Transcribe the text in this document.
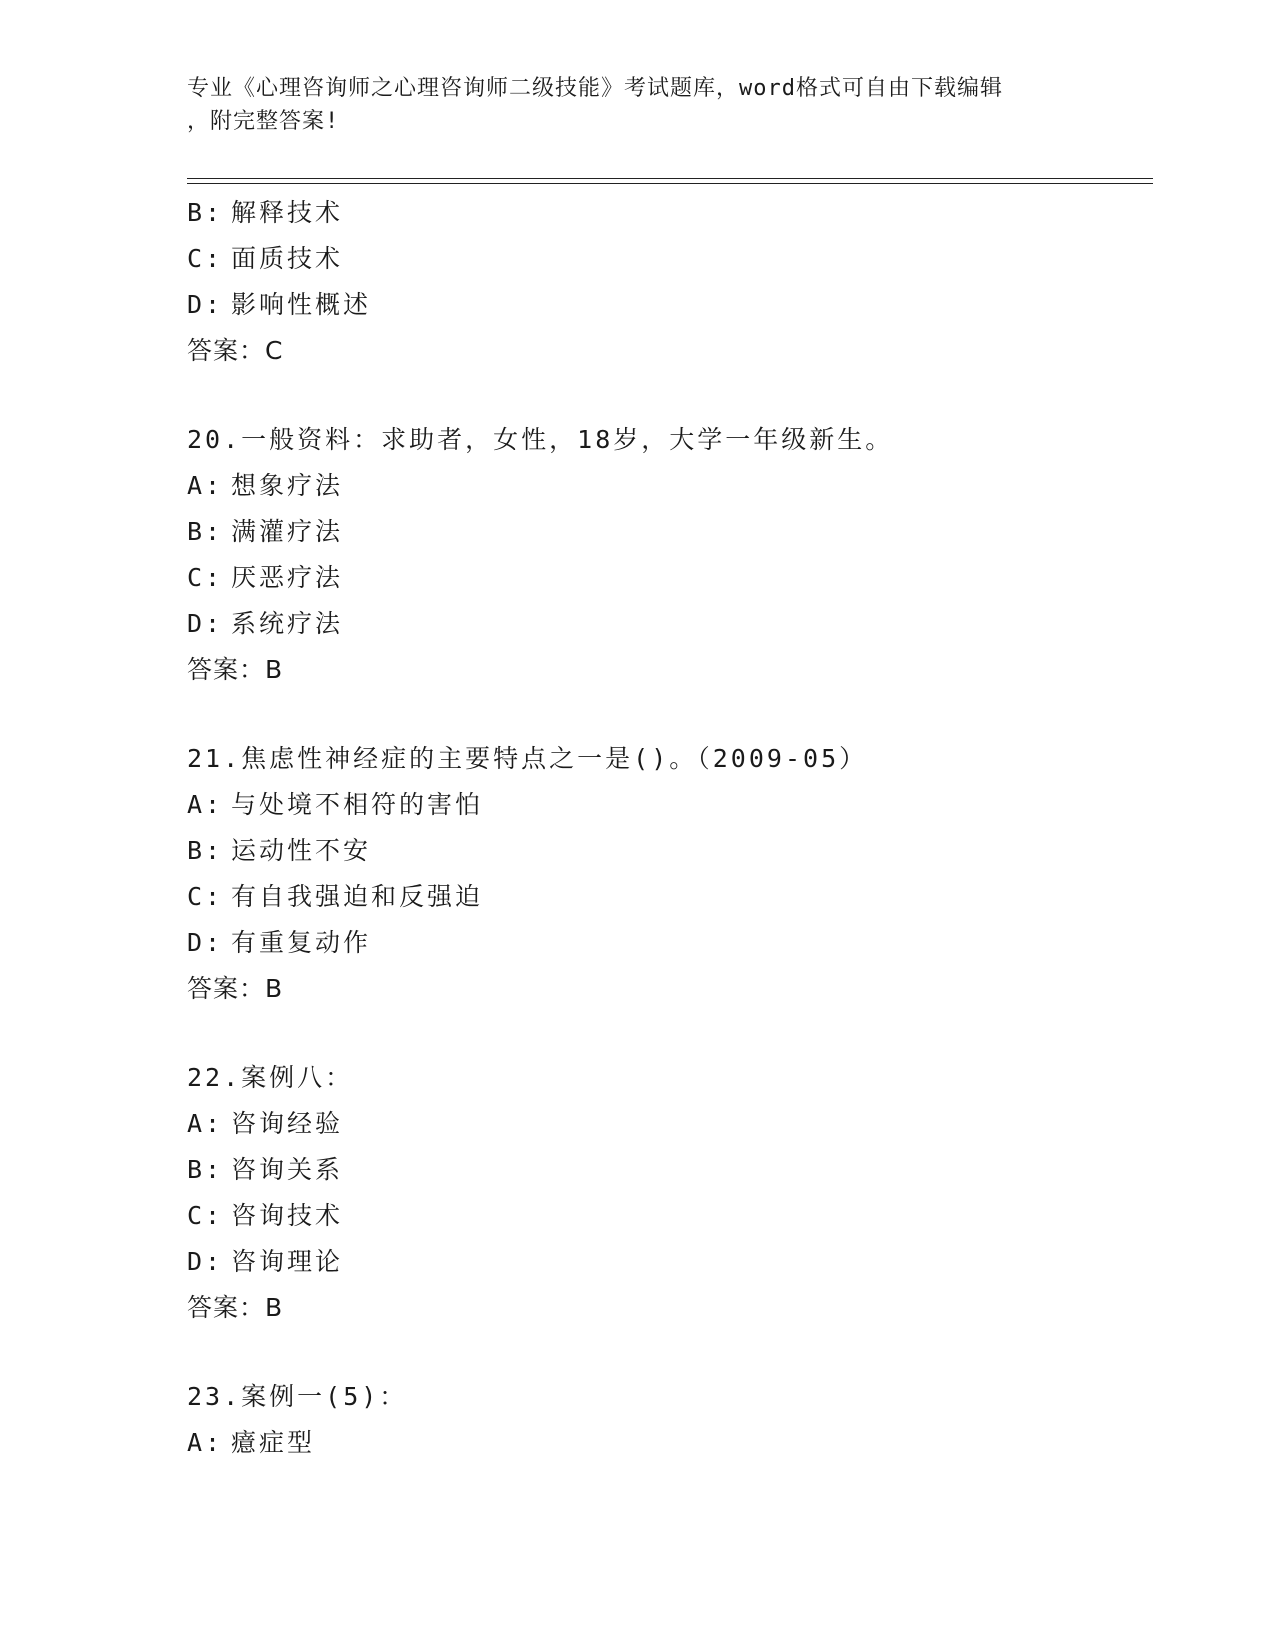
专业《心理咨询师之心理咨询师二级技能》考试题库，word格式可自由下载编辑
，附完整答案!
B: 解释技术
C: 面质技术
D: 影响性概述
答案：C
20.一般资料：求助者，女性，18岁，大学一年级新生。
A: 想象疗法
B: 满灌疗法
C: 厌恶疗法
D: 系统疗法
答案：B
21.焦虑性神经症的主要特点之一是()。（2009-05）
A: 与处境不相符的害怕
B: 运动性不安
C: 有自我强迫和反强迫
D: 有重复动作
答案：B
22.案例八：
A: 咨询经验
B: 咨询关系
C: 咨询技术
D: 咨询理论
答案：B
23.案例一(5)：
A: 癔症型
